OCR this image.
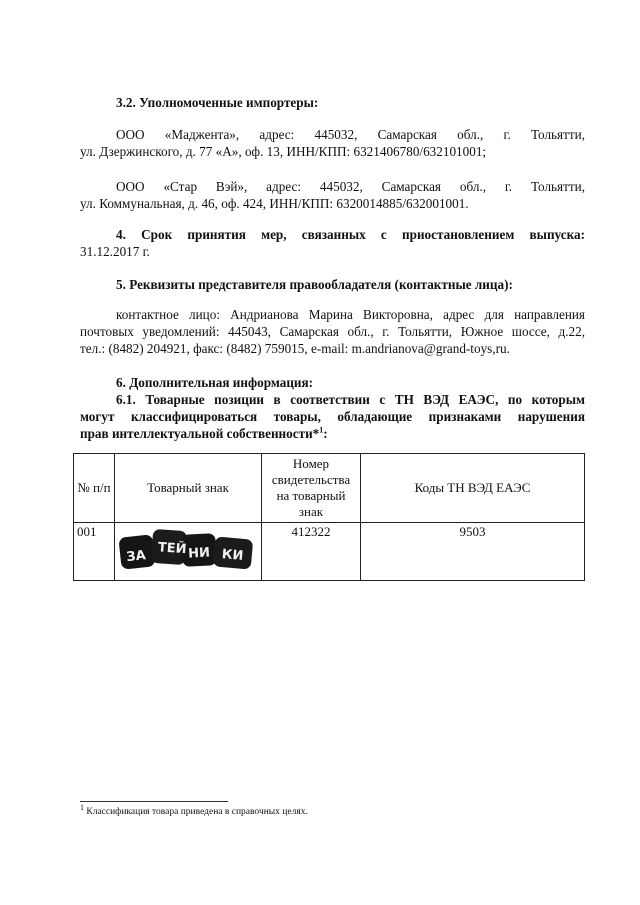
3.2. Уполномоченные импортеры:
ООО «Маджента», адрес: 445032, Самарская обл., г. Тольятти,
ул. Дзержинского, д. 77 «А», оф. 13, ИНН/КПП: 6321406780/632101001;
ООО «Стар Вэй», адрес: 445032, Самарская обл., г. Тольятти,
ул. Коммунальная, д. 46, оф. 424, ИНН/КПП: 6320014885/632001001.
4. Срок принятия мер, связанных с приостановлением выпуска:
31.12.2017 г.
5. Реквизиты представителя правообладателя (контактные лица):
контактное лицо: Андрианова Марина Викторовна, адрес для направления
почтовых уведомлений: 445043, Самарская обл., г. Тольятти, Южное шоссе, д.22,
тел.: (8482) 204921, факс: (8482) 759015, e-mail: m.andrianova@grand-toys,ru.
6. Дополнительная информация:
6.1. Товарные позиции в соответствии с ТН ВЭД ЕАЭС, по которым
могут классифицироваться товары, обладающие признаками нарушения
прав интеллектуальной собственности*$^1$:
№ п/п	Товарный знак	Номер свидетельства на товарный знак	Коды ТН ВЭД ЕАЭС
001	ЗА ТЕЙ НИ КИ	412322	9503
$^1$ Классификация товара приведена в справочных целях.
